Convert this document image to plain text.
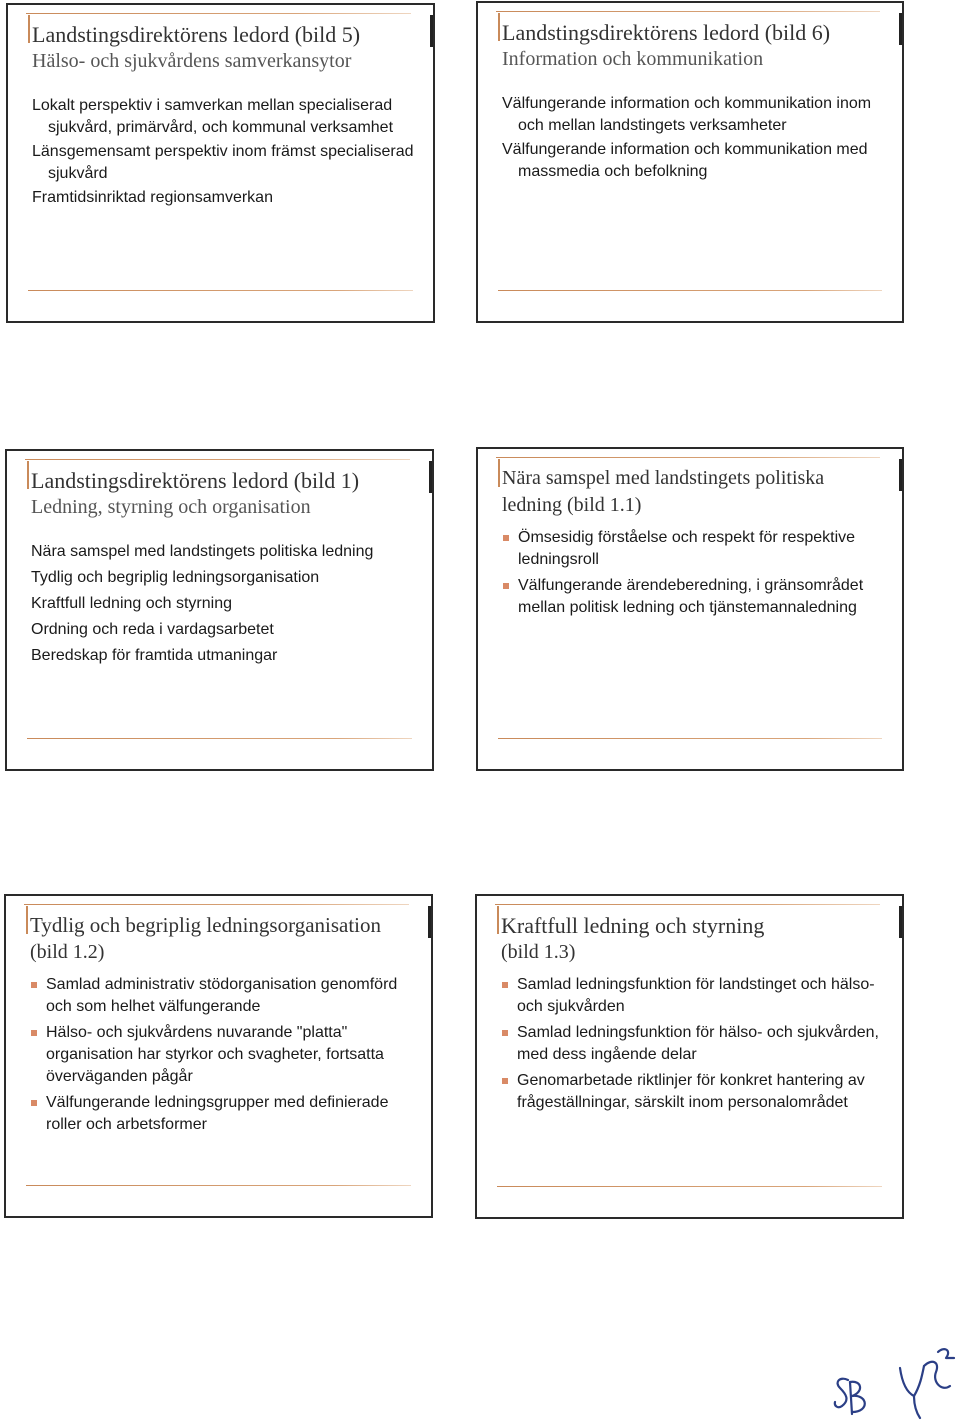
Landstingsdirektörens ledord (bild 5)
Hälso- och sjukvårdens samverkansytor
Lokalt perspektiv i samverkan mellan specialiserad sjukvård, primärvård, och kommunal verksamhet
Länsgemensamt perspektiv inom främst specialiserad sjukvård
Framtidsinriktad regionsamverkan
Landstingsdirektörens ledord (bild 6)
Information och kommunikation
Välfungerande information och kommunikation inom och mellan landstingets verksamheter
Välfungerande information och kommunikation med massmedia och befolkning
Landstingsdirektörens ledord (bild 1)
Ledning, styrning och organisation
Nära samspel med landstingets politiska ledning
Tydlig och begriplig ledningsorganisation
Kraftfull ledning och styrning
Ordning och reda i vardagsarbetet
Beredskap för framtida utmaningar
Nära samspel med landstingets politiska
ledning (bild 1.1)
Ömsesidig förståelse och respekt för respektive ledningsroll
Välfungerande ärendeberedning, i gränsområdet mellan politisk ledning och tjänstemannaledning
Tydlig och begriplig ledningsorganisation
(bild 1.2)
Samlad administrativ stödorganisation genomförd och som helhet välfungerande
Hälso- och sjukvårdens nuvarande "platta" organisation har styrkor och svagheter, fortsatta överväganden pågår
Välfungerande ledningsgrupper med definierade roller och arbetsformer
Kraftfull ledning och styrning
(bild 1.3)
Samlad ledningsfunktion för landstinget och hälso- och sjukvården
Samlad ledningsfunktion för hälso- och sjukvården, med dess ingående delar
Genomarbetade riktlinjer för konkret hantering av frågeställningar, särskilt inom personalområdet
